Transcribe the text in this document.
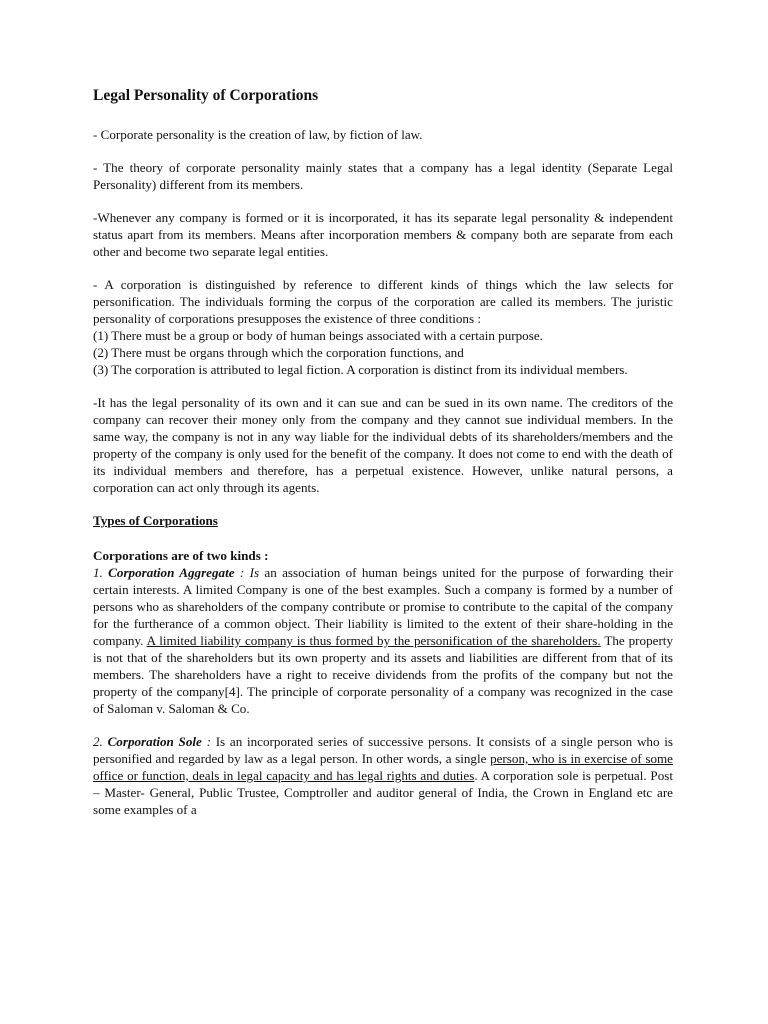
Legal Personality of Corporations

- Corporate personality is the creation of law, by fiction of law.

- The theory of corporate personality mainly states that a company has a legal identity (Separate Legal Personality) different from its members.

-Whenever any company is formed or it is incorporated, it has its separate legal personality & independent status apart from its members. Means after incorporation members & company both are separate from each other and become two separate legal entities.

- A corporation is distinguished by reference to different kinds of things which the law selects for personification. The individuals forming the corpus of the corporation are called its members. The juristic personality of corporations presupposes the existence of three conditions :

(1) There must be a group or body of human beings associated with a certain purpose.

(2) There must be organs through which the corporation functions, and

(3) The corporation is attributed to legal fiction. A corporation is distinct from its individual members.

-It has the legal personality of its own and it can sue and can be sued in its own name. The creditors of the company can recover their money only from the company and they cannot sue individual members. In the same way, the company is not in any way liable for the individual debts of its shareholders/members and the property of the company is only used for the benefit of the company. It does not come to end with the death of its individual members and therefore, has a perpetual existence. However, unlike natural persons, a corporation can act only through its agents.

Types of Corporations

Corporations are of two kinds :

1. Corporation Aggregate : Is an association of human beings united for the purpose of forwarding their certain interests. A limited Company is one of the best examples. Such a company is formed by a number of persons who as shareholders of the company contribute or promise to contribute to the capital of the company for the furtherance of a common object. Their liability is limited to the extent of their share-holding in the company. A limited liability company is thus formed by the personification of the shareholders. The property is not that of the shareholders but its own property and its assets and liabilities are different from that of its members. The shareholders have a right to receive dividends from the profits of the company but not the property of the company[4]. The principle of corporate personality of a company was recognized in the case of Saloman v. Saloman & Co.

2. Corporation Sole : Is an incorporated series of successive persons. It consists of a single person who is personified and regarded by law as a legal person. In other words, a single person, who is in exercise of some office or function, deals in legal capacity and has legal rights and duties. A corporation sole is perpetual. Post – Master- General, Public Trustee, Comptroller and auditor general of India, the Crown in England etc are some examples of a
